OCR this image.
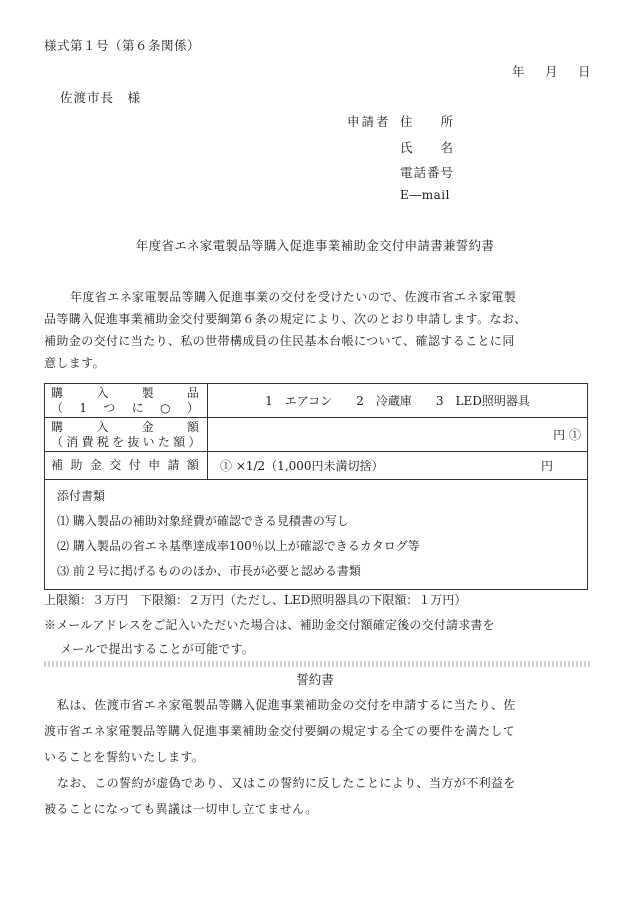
様式第１号（第６条関係）
年　月　日
佐渡市長　様
申請者 住　　所
氏　　名
電話番号
E―mail
年度省エネ家電製品等購入促進事業補助金交付申請書兼誓約書

年度省エネ家電製品等購入促進事業の交付を受けたいので、佐渡市省エネ家電製

品等購入促進事業補助金交付要綱第６条の規定により、次のとおり申請します。なお、

補助金の交付に当たり、私の世帯構成員の住民基本台帳について、確認することに同

意します。

購入製品
（1つに○）	1　エアコン　　2　冷蔵庫　　3　LED照明器具

購入金額
（消費税を抜いた額）	円 ①
補助金交付申請額	① ×1/2（1,000円未満切捨） 円

添付書類

⑴ 購入製品の補助対象経費が確認できる見積書の写し

⑵ 購入製品の省エネ基準達成率100％以上が確認できるカタログ等

⑶ 前２号に掲げるもののほか、市長が必要と認める書類	

上限額：３万円　下限額：２万円（ただし、LED照明器具の下限額：１万円）
※メールアドレスをご記入いただいた場合は、補助金交付額確定後の交付請求書を
メールで提出することが可能です。
誓約書

私は、佐渡市省エネ家電製品等購入促進事業補助金の交付を申請するに当たり、佐

渡市省エネ家電製品等購入促進事業補助金交付要綱の規定する全ての要件を満たして

いることを誓約いたします。

なお、この誓約が虚偽であり、又はこの誓約に反したことにより、当方が不利益を

被ることになっても異議は一切申し立てません。
